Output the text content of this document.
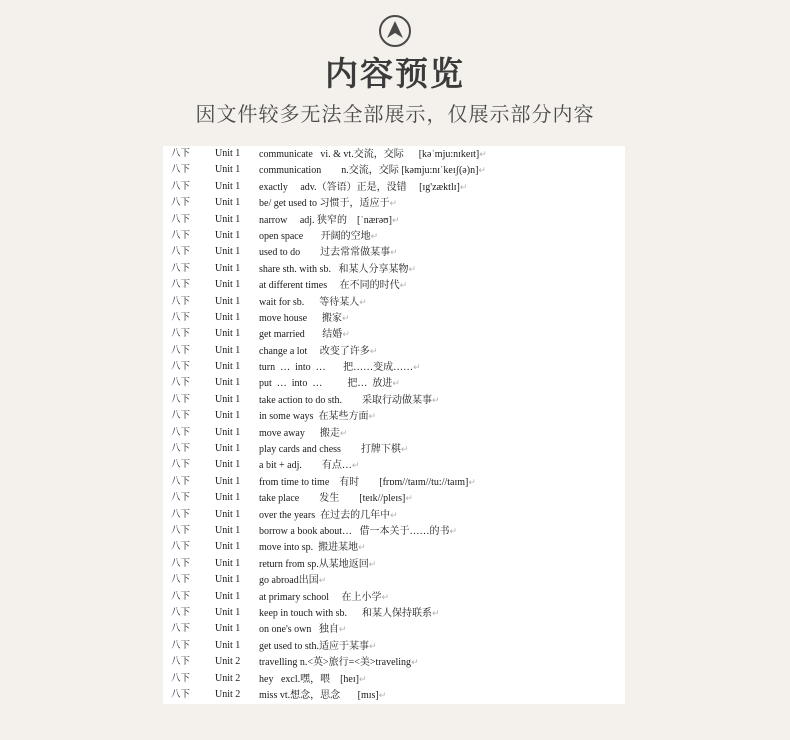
内容预览
因文件较多无法全部展示，仅展示部分内容
八下 Unit 1 communicate   vi. & vt.交流，交际      [kəˈmju:nɪkeɪt]↵
八下 Unit 1 communication        n.交流，交际 [kəmju:nɪˈkeɪʃ(ə)n]↵
八下 Unit 1 exactly     adv.（答语）正是，没错     [ɪg'zæktlɪ]↵
八下 Unit 1 be/ get used to 习惯于，适应于↵
八下 Unit 1 narrow     adj. 狭窄的    [ˈnærəʊ]↵
八下 Unit 1 open space       开阔的空地↵
八下 Unit 1 used to do        过去常常做某事↵
八下 Unit 1 share sth. with sb.   和某人分享某物↵
八下 Unit 1 at different times     在不同的时代↵
八下 Unit 1 wait for sb.      等待某人↵
八下 Unit 1 move house      搬家↵
八下 Unit 1 get married       结婚↵
八下 Unit 1 change a lot     改变了许多↵
八下 Unit 1 turn  …  into  …       把……变成……↵
八下 Unit 1 put  …  into  …          把…  放进↵
八下 Unit 1 take action to do sth.        采取行动做某事↵
八下 Unit 1 in some ways  在某些方面↵
八下 Unit 1 move away      搬走↵
八下 Unit 1 play cards and chess        打牌下棋↵
八下 Unit 1 a bit + adj.        有点…↵
八下 Unit 1 from time to time    有时        [frɒm//taɪm//tu://taɪm]↵
八下 Unit 1 take place        发生        [teɪk//pleɪs]↵
八下 Unit 1 over the years  在过去的几年中↵
八下 Unit 1 borrow a book about…   借一本关于……的书↵
八下 Unit 1 move into sp.  搬进某地↵
八下 Unit 1 return from sp.从某地返回↵
八下 Unit 1 go abroad出国↵
八下 Unit 1 at primary school     在上小学↵
八下 Unit 1 keep in touch with sb.      和某人保持联系↵
八下 Unit 1 on one's own   独自↵
八下 Unit 1 get used to sth.适应于某事↵
八下 Unit 2 travelling n.<英>旅行=<美>traveling↵
八下 Unit 2 hey   excl.嘿，喂    [heɪ]↵
八下 Unit 2 miss vt.想念，思念       [mɪs]↵
